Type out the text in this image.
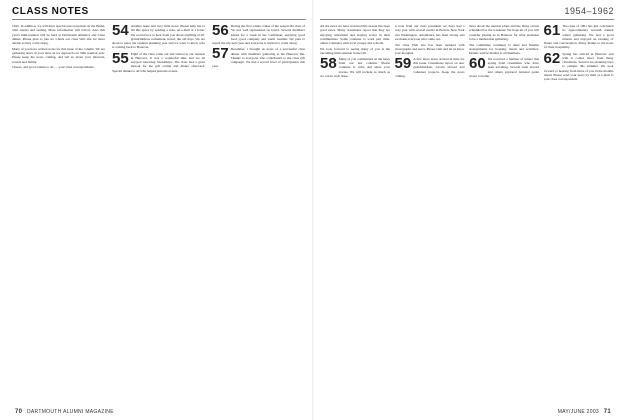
CLASS NOTES	1954–1962

1945. In addition, we will have special tent receptions in the Bema, with snacks and seating. More information will follow. Also this year's mini-reunion will be held at Dartmouth Athletics and Class dinner. Please plan to join us. Check our class Web site for more details as they come along.

Many of you have written notes for this issue of the column. We are gathering news of your lives as we approach our 50th reunion year. Please keep the news coming, and tell us about your interests, travels and family.

Cheers, and good wishes to all — your class correspondents.

54 Another issue and very little news. Please help me to fill this space by sending a note, an e-mail or a letter. We would love to hear from you about anything at all: grandchildren, retirement, travel, the old days. We are about to enter our reunion planning year and we want to know who is coming back to Hanover.
55 Eight of the class came out and visited at our reunion in Hanover. It was a wonderful time and we all enjoyed renewing friendships. The class had a great turnout for the golf outing and dinner afterward. Special thanks to all who helped plan the events.
56 During the first winter cruise of the season the class of '56 was well represented on board. Several members joined for a week in the Caribbean, enjoying good food, good company and warm weather. We plan to repeat the trip next year and everyone is invited to come along.
57 December 1 brought us news of a successful class dinner with members gathering at the Hanover Inn. Thanks to everyone who contributed to the class gift campaign. We had a record level of participation this year.

All the news we have received this season has been good news. Many classmates report that they are enjoying retirement and staying active in their communities. Some continue to work part time, others volunteer with local groups and schools.

We look forward to seeing many of you at the upcoming mini-reunion in the fall.

58 Many of you commented on the news from our last column. Please continue to write and share your stories. We will include as much as we can in each issue.

A note from our class president: we have had a busy year with several events in Boston, New York and Washington. Attendance has been strong and we thank everyone who came out.

Our class Web site has been updated with photographs and news. Please visit and let us know your thoughts.

59 A few more notes arrived in time for this issue. Classmates report on new grandchildren, travels abroad and volunteer projects. Keep the news coming.

more about the reunion plans and the many events scheduled for the weekend. We hope all of you will consider joining us in Hanover for what promises to be a memorable gathering.

The committee continues to meet and finalize arrangements for housing, meals and activities. Details will be mailed to all members.

60 We received a number of letters this spring from classmates who have been traveling. Several went abroad and others explored national parks closer to home.
61 The class of 1961 has just concluded its approximately seventh annual winter gathering. We had a good turnout and enjoyed an evening of dinner and conversation. Many thanks to the hosts for their hospitality.
62 Spring has arrived in Hanover and with it comes news from many classmates. Several are planning trips to campus this summer. We look forward to hearing from more of you in the months ahead. Please send your news by mail or e-mail to your class correspondent.
70 DARTMOUTH ALUMNI MAGAZINE	MAY/JUNE 2003 71
